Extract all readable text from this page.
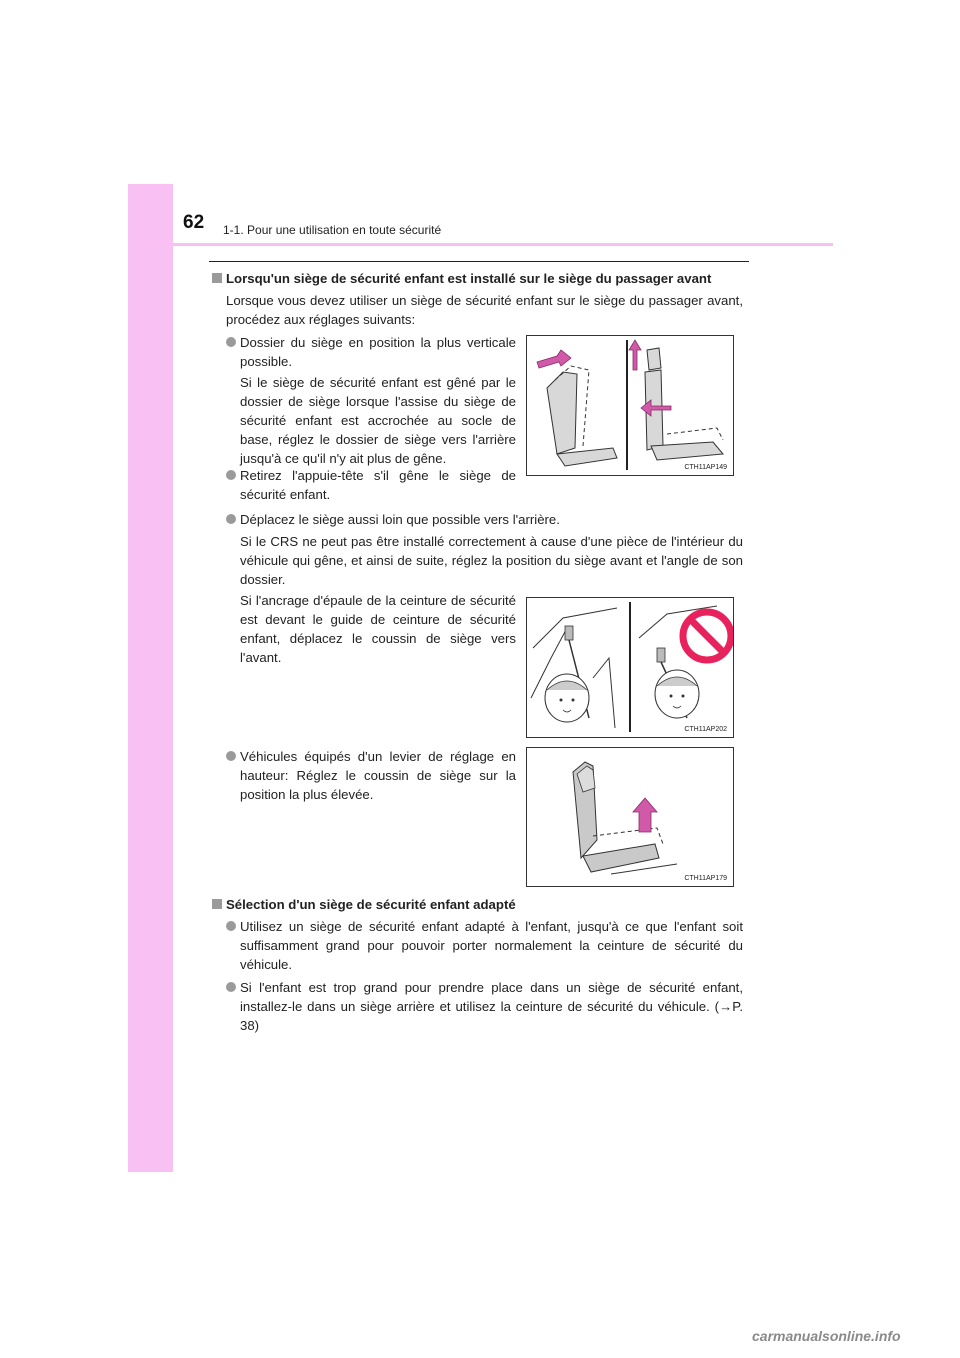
62 1-1. Pour une utilisation en toute sécurité
Lorsqu'un siège de sécurité enfant est installé sur le siège du passager avant
Lorsque vous devez utiliser un siège de sécurité enfant sur le siège du passager avant, procédez aux réglages suivants:
Dossier du siège en position la plus verticale possible.
Si le siège de sécurité enfant est gêné par le dossier de siège lorsque l'assise du siège de sécurité enfant est accrochée au socle de base, réglez le dossier de siège vers l'arrière jusqu'à ce qu'il n'y ait plus de gêne.
Retirez l'appuie-tête s'il gêne le siège de sécurité enfant.
CTH11AP149
Déplacez le siège aussi loin que possible vers l'arrière.
Si le CRS ne peut pas être installé correctement à cause d'une pièce de l'intérieur du véhicule qui gêne, et ainsi de suite, réglez la position du siège avant et l'angle de son dossier.
Si l'ancrage d'épaule de la ceinture de sécurité est devant le guide de ceinture de sécurité enfant, déplacez le coussin de siège vers l'avant.
CTH11AP202
Véhicules équipés d'un levier de réglage en hauteur: Réglez le coussin de siège sur la position la plus élevée.
CTH11AP179
Sélection d'un siège de sécurité enfant adapté
Utilisez un siège de sécurité enfant adapté à l'enfant, jusqu'à ce que l'enfant soit suffisamment grand pour pouvoir porter normalement la ceinture de sécurité du véhicule.
Si l'enfant est trop grand pour prendre place dans un siège de sécurité enfant, installez-le dans un siège arrière et utilisez la ceinture de sécurité du véhicule. (→P. 38)
carmanualsonline.info
